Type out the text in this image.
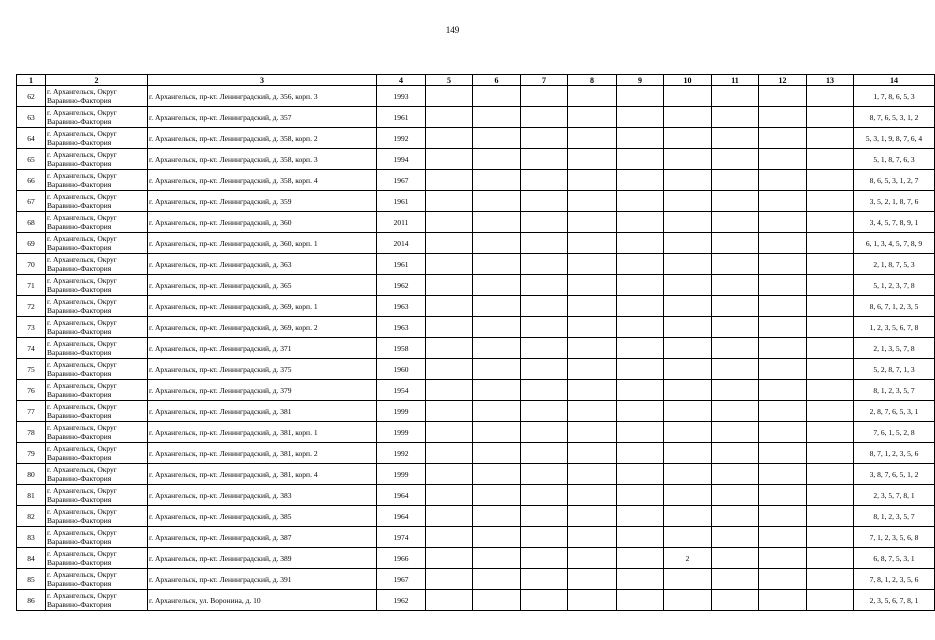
149
1	2	3	4	5	6	7	8	9	10	11	12	13	14
62	г. Архангельск, Округ Варавино-Фактория	г. Архангельск, пр-кт. Ленинградский, д. 356, корп. 3	1993										1, 7, 8, 6, 5, 3
63	г. Архангельск, Округ Варавино-Фактория	г. Архангельск, пр-кт. Ленинградский, д. 357	1961										8, 7, 6, 5, 3, 1, 2
64	г. Архангельск, Округ Варавино-Фактория	г. Архангельск, пр-кт. Ленинградский, д. 358, корп. 2	1992										5, 3, 1, 9, 8, 7, 6, 4
65	г. Архангельск, Округ Варавино-Фактория	г. Архангельск, пр-кт. Ленинградский, д. 358, корп. 3	1994										5, 1, 8, 7, 6, 3
66	г. Архангельск, Округ Варавино-Фактория	г. Архангельск, пр-кт. Ленинградский, д. 358, корп. 4	1967										8, 6, 5, 3, 1, 2, 7
67	г. Архангельск, Округ Варавино-Фактория	г. Архангельск, пр-кт. Ленинградский, д. 359	1961										3, 5, 2, 1, 8, 7, 6
68	г. Архангельск, Округ Варавино-Фактория	г. Архангельск, пр-кт. Ленинградский, д. 360	2011										3, 4, 5, 7, 8, 9, 1
69	г. Архангельск, Округ Варавино-Фактория	г. Архангельск, пр-кт. Ленинградский, д. 360, корп. 1	2014										6, 1, 3, 4, 5, 7, 8, 9
70	г. Архангельск, Округ Варавино-Фактория	г. Архангельск, пр-кт. Ленинградский, д. 363	1961										2, 1, 8, 7, 5, 3
71	г. Архангельск, Округ Варавино-Фактория	г. Архангельск, пр-кт. Ленинградский, д. 365	1962										5, 1, 2, 3, 7, 8
72	г. Архангельск, Округ Варавино-Фактория	г. Архангельск, пр-кт. Ленинградский, д. 369, корп. 1	1963										8, 6, 7, 1, 2, 3, 5
73	г. Архангельск, Округ Варавино-Фактория	г. Архангельск, пр-кт. Ленинградский, д. 369, корп. 2	1963										1, 2, 3, 5, 6, 7, 8
74	г. Архангельск, Округ Варавино-Фактория	г. Архангельск, пр-кт. Ленинградский, д. 371	1958										2, 1, 3, 5, 7, 8
75	г. Архангельск, Округ Варавино-Фактория	г. Архангельск, пр-кт. Ленинградский, д. 375	1960										5, 2, 8, 7, 1, 3
76	г. Архангельск, Округ Варавино-Фактория	г. Архангельск, пр-кт. Ленинградский, д. 379	1954										8, 1, 2, 3, 5, 7
77	г. Архангельск, Округ Варавино-Фактория	г. Архангельск, пр-кт. Ленинградский, д. 381	1999										2, 8, 7, 6, 5, 3, 1
78	г. Архангельск, Округ Варавино-Фактория	г. Архангельск, пр-кт. Ленинградский, д. 381, корп. 1	1999										7, 6, 1, 5, 2, 8
79	г. Архангельск, Округ Варавино-Фактория	г. Архангельск, пр-кт. Ленинградский, д. 381, корп. 2	1992										8, 7, 1, 2, 3, 5, 6
80	г. Архангельск, Округ Варавино-Фактория	г. Архангельск, пр-кт. Ленинградский, д. 381, корп. 4	1999										3, 8, 7, 6, 5, 1, 2
81	г. Архангельск, Округ Варавино-Фактория	г. Архангельск, пр-кт. Ленинградский, д. 383	1964										2, 3, 5, 7, 8, 1
82	г. Архангельск, Округ Варавино-Фактория	г. Архангельск, пр-кт. Ленинградский, д. 385	1964										8, 1, 2, 3, 5, 7
83	г. Архангельск, Округ Варавино-Фактория	г. Архангельск, пр-кт. Ленинградский, д. 387	1974										7, 1, 2, 3, 5, 6, 8
84	г. Архангельск, Округ Варавино-Фактория	г. Архангельск, пр-кт. Ленинградский, д. 389	1966						2				6, 8, 7, 5, 3, 1
85	г. Архангельск, Округ Варавино-Фактория	г. Архангельск, пр-кт. Ленинградский, д. 391	1967										7, 8, 1, 2, 3, 5, 6
86	г. Архангельск, Округ Варавино-Фактория	г. Архангельск, ул. Воронина, д. 10	1962										2, 3, 5, 6, 7, 8, 1
